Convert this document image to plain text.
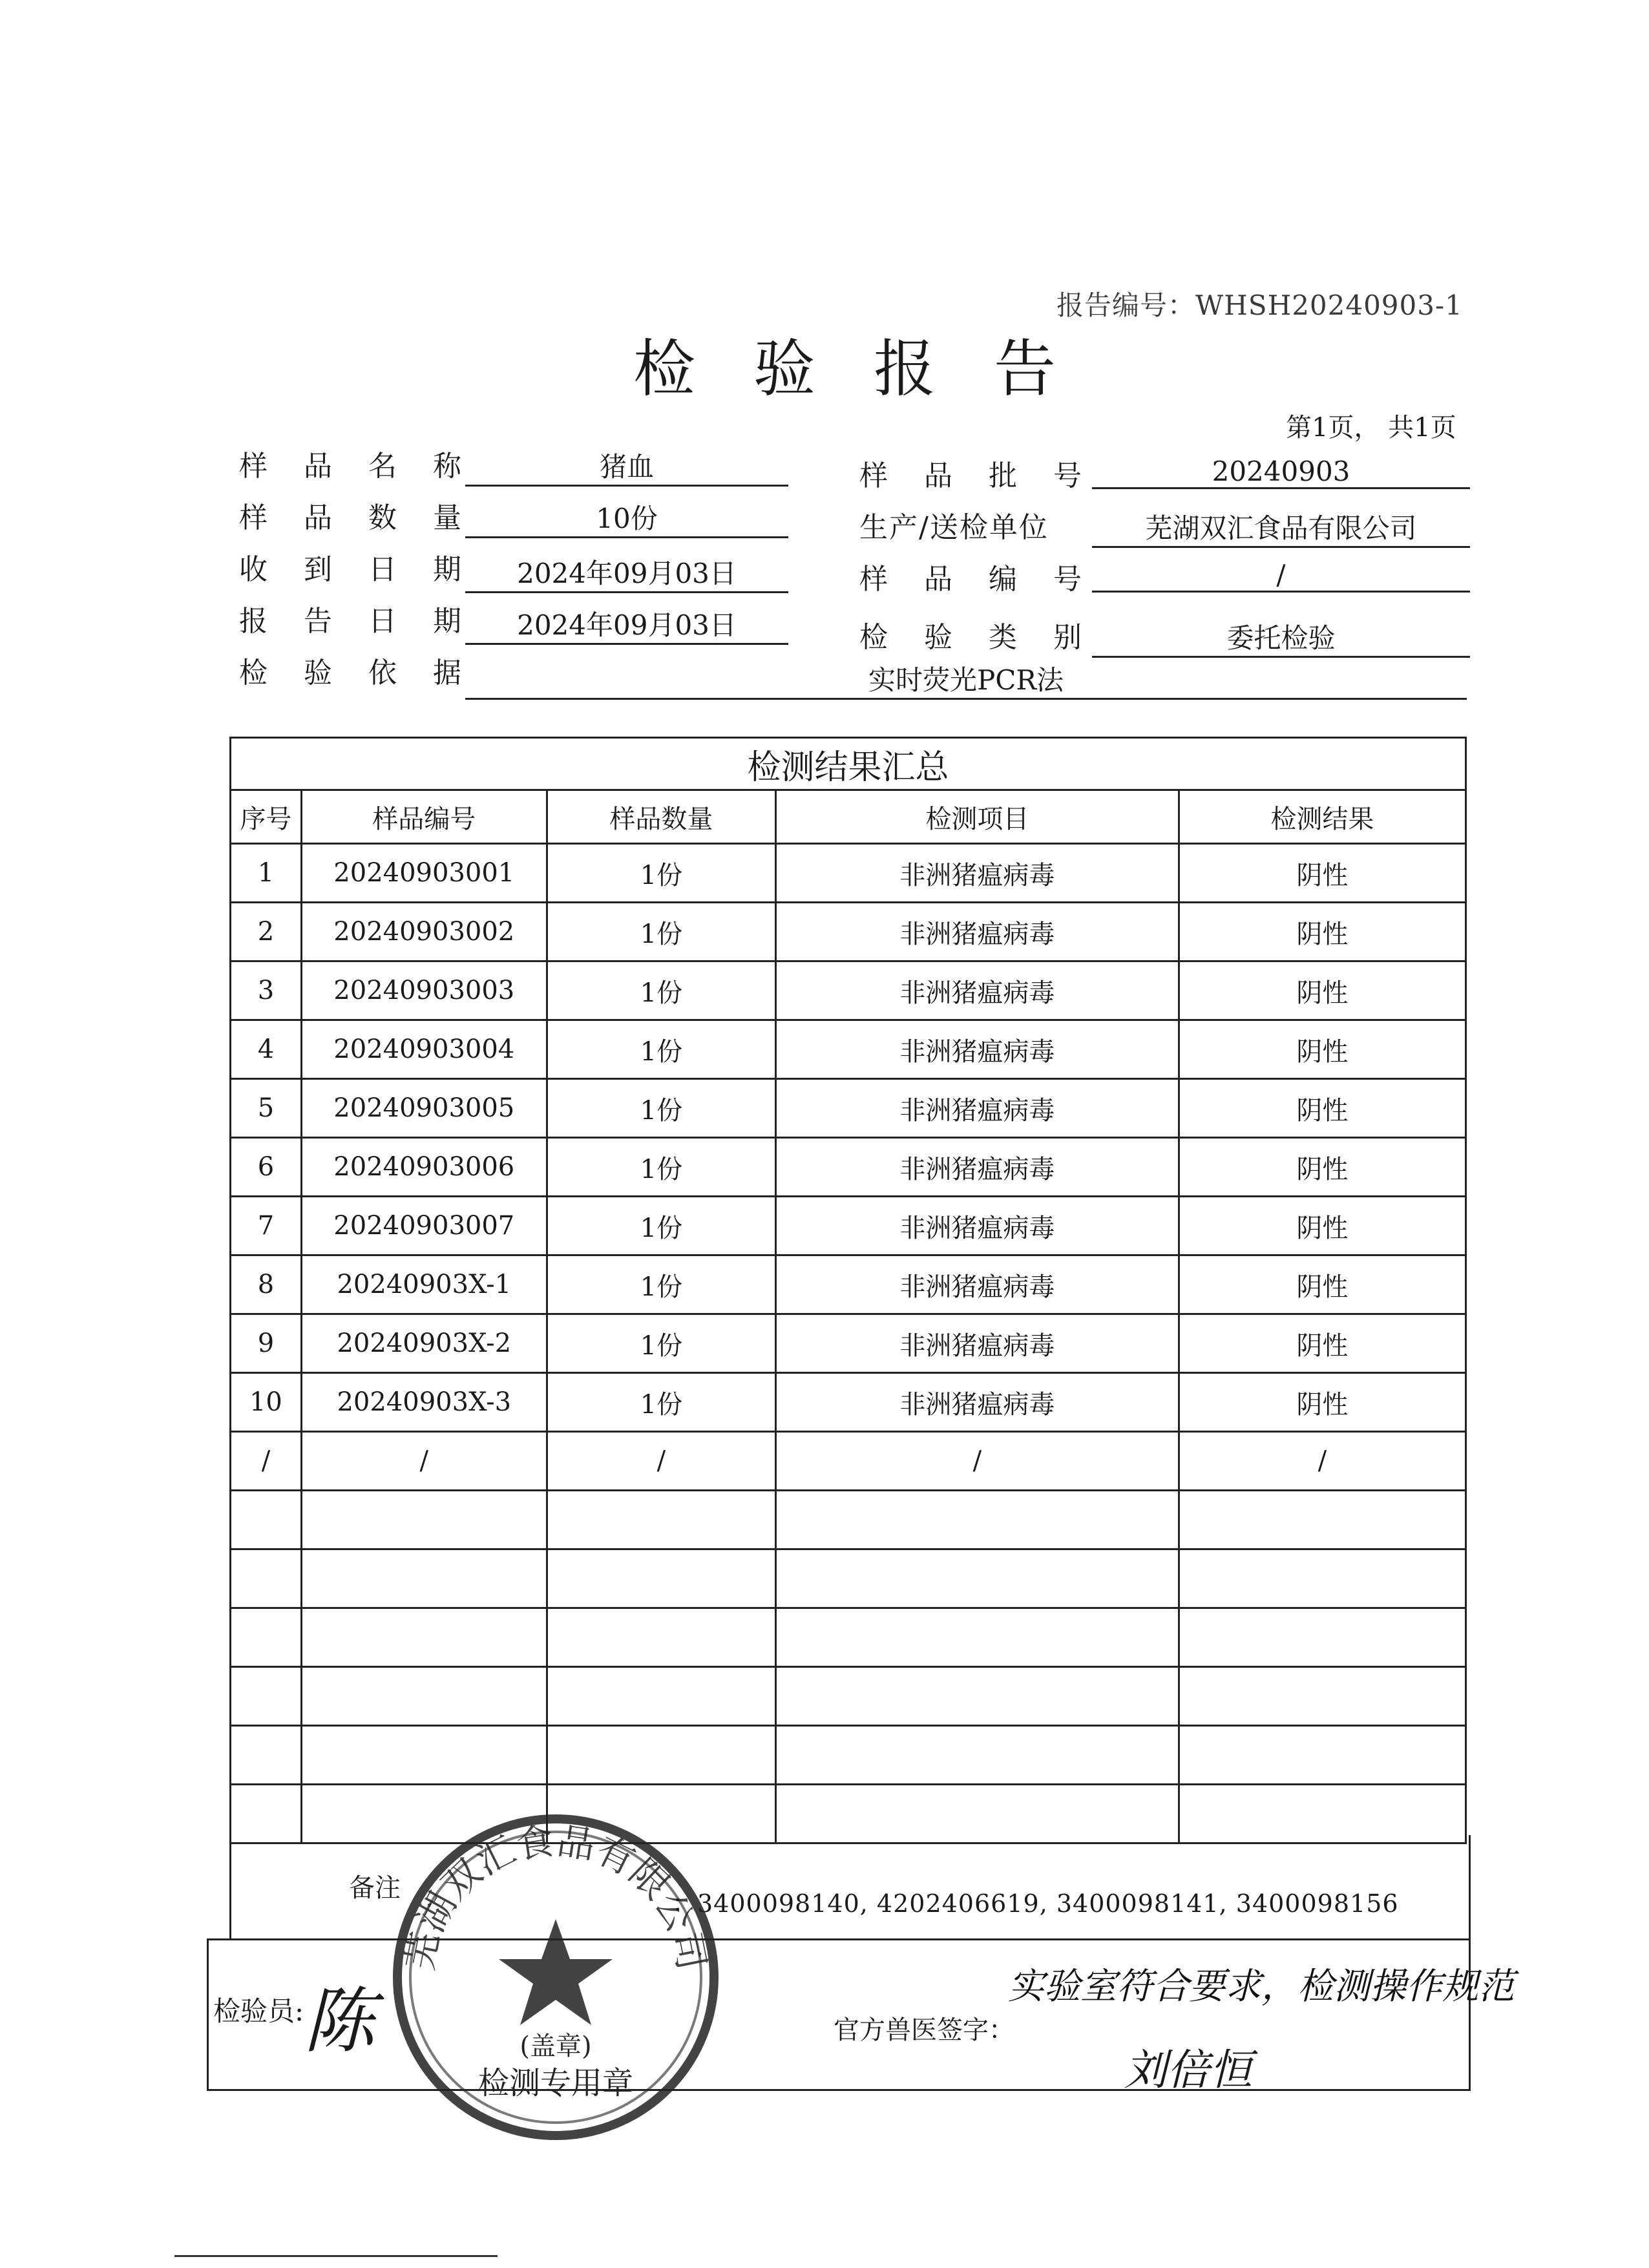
报告编号：WHSH20240903-1
检验报告
第1页， 共1页
样品名称	猪血
样品数量	10份
收到日期 2024年09月03日
报告日期 2024年09月03日
检验依据	实时荧光PCR法
样品批号	20240903
生产/送检单位	芜湖双汇食品有限公司
样品编号	/
检验类别	委托检验
检测结果汇总				
序号	样品编号	样品数量	检测项目	检测结果
1	20240903001	1份	非洲猪瘟病毒	阴性
2	20240903002	1份	非洲猪瘟病毒	阴性
3	20240903003	1份	非洲猪瘟病毒	阴性
4	20240903004	1份	非洲猪瘟病毒	阴性
5	20240903005	1份	非洲猪瘟病毒	阴性
6	20240903006	1份	非洲猪瘟病毒	阴性
7	20240903007	1份	非洲猪瘟病毒	阴性
8	20240903X-1	1份	非洲猪瘟病毒	阴性
9	20240903X-2	1份	非洲猪瘟病毒	阴性
10	20240903X-3	1份	非洲猪瘟病毒	阴性
/	/	/	/	/

备注
：3400098140, 4202406619, 3400098141, 3400098156
检验员: 陈	官方兽医签字：
实验室符合要求，检测操作规范
刘倍恒
芜湖双汇食品有限公司
(盖章)
检测专用章
